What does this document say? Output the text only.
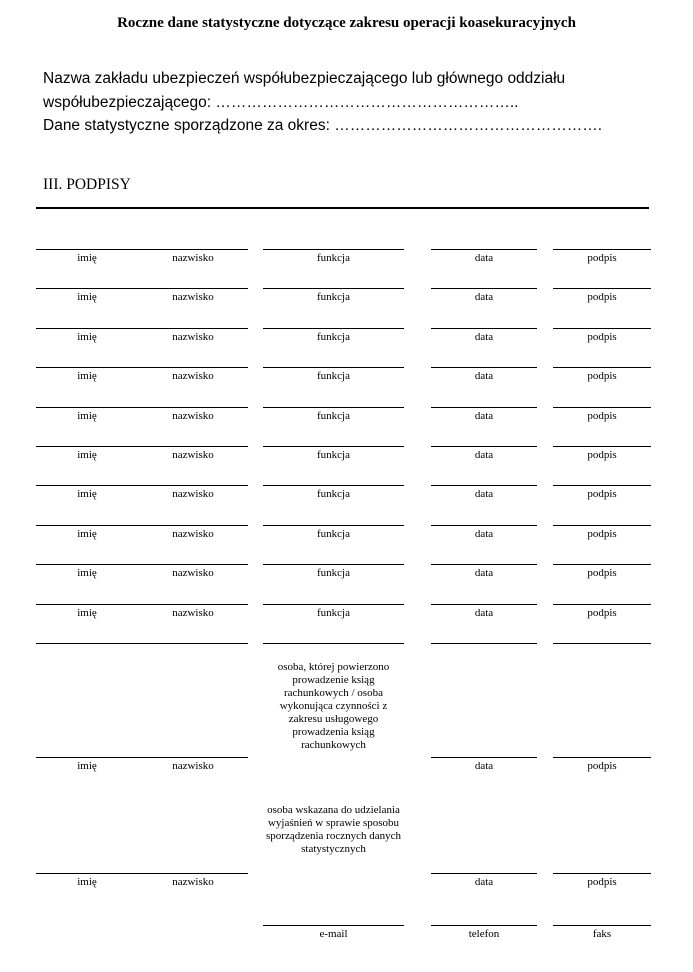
Roczne dane statystyczne dotyczące zakresu operacji koasekuracyjnych
Nazwa zakładu ubezpieczeń współubezpieczającego lub głównego oddziału
współubezpieczającego: …………………………………………………..
Dane statystyczne sporządzone za okres: …………………………………………….
III. PODPISY
imię	nazwisko	funkcja	data	podpis
imię	nazwisko	funkcja	data	podpis
imię	nazwisko	funkcja	data	podpis
imię	nazwisko	funkcja	data	podpis
imię	nazwisko	funkcja	data	podpis
imię	nazwisko	funkcja	data	podpis
imię	nazwisko	funkcja	data	podpis
imię	nazwisko	funkcja	data	podpis
imię	nazwisko	funkcja	data	podpis
imię	nazwisko	funkcja	data	podpis
osoba, której powierzono prowadzenie ksiąg rachunkowych / osoba wykonująca czynności z zakresu usługowego prowadzenia ksiąg rachunkowych
imię	nazwisko	data	podpis
osoba wskazana do udzielania wyjaśnień w sprawie sposobu sporządzenia rocznych danych statystycznych
imię	nazwisko	data	podpis
e-mail	telefon	faks
